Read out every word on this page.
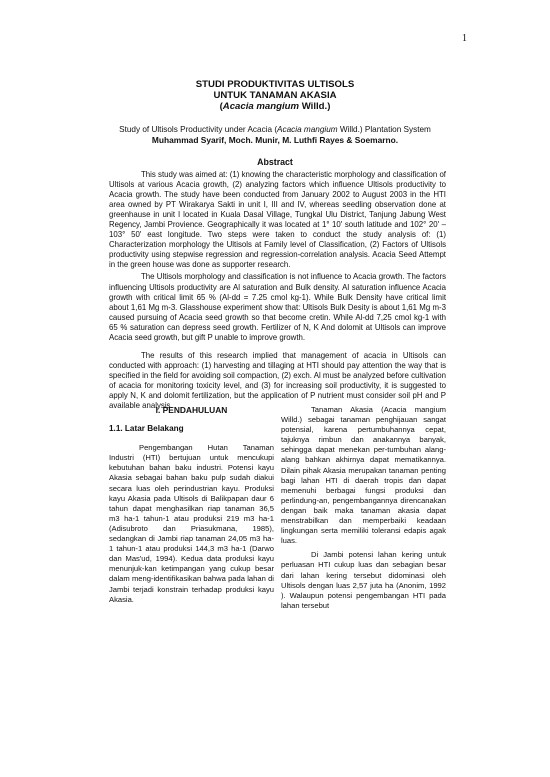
1
STUDI PRODUKTIVITAS ULTISOLS
UNTUK TANAMAN AKASIA
(Acacia mangium Willd.)
Study of Ultisols Productivity under Acacia (Acacia mangium Willd.) Plantation System
Muhammad Syarif, Moch. Munir, M. Luthfi Rayes & Soemarno.
Abstract

This study was aimed at: (1) knowing the characteristic morphology and classification of Ultisols at various Acacia growth, (2) analyzing factors which influence Ultisols productivity to Acacia growth. The study have been conducted from January 2002 to August 2003 in the HTI area owned by PT Wirakarya Sakti in unit I, III and IV, whereas seedling observation done at greenhause in unit I located in Kuala Dasal Village, Tungkal Ulu District, Tanjung Jabung West Regency, Jambi Provience. Geographically it was located at 1° 10' south latitude and 102° 20' – 103° 50' east longitude. Two steps were taken to conduct the study analysis of: (1) Characterization morphology the Ultisols at Family level of Classification, (2) Factors of Ultisols productivity using stepwise regression and regression-correlation analysis. Acacia Seed Attempt in the green house was done as supporter research.

The Ultisols morphology and classification is not influence to Acacia growth. The factors influencing Ultisols productivity are Al saturation and Bulk density. Al saturation influence Acacia growth with critical limit 65 % (Al-dd = 7.25 cmol kg-1). While Bulk Density have critical limit about 1,61 Mg m-3. Glasshouse experiment show that: Ultisols Bulk Desity is about 1,61 Mg m-3 caused pursuing of Acacia seed growth so that become cretin. While Al-dd 7,25 cmol kg-1 with 65 % saturation can depress seed growth. Fertilizer of N, K And dolomit at Ultisols can improve Acacia seed growth, but gift P unable to improve growth.

The results of this research implied that management of acacia in Ultisols can conducted with approach: (1) harvesting and tillaging at HTI should pay attention the way that is specified in the field for avoiding soil compaction, (2) exch. Al must be analyzed before cultivation of acacia for monitoring toxicity level, and (3) for increasing soil productivity, it is suggested to apply N, K and dolomit fertilization, but the application of P nutrient must consider soil pH and P available analysis.

I. PENDAHULUAN
1.1. Latar Belakang

Pengembangan Hutan Tanaman Industri (HTI) bertujuan untuk mencukupi kebutuhan bahan baku industri. Potensi kayu Akasia sebagai bahan baku pulp sudah diakui secara luas oleh perindustrian kayu. Produksi kayu Akasia pada Ultisols di Balikpapan daur 6 tahun dapat menghasilkan riap tanaman 36,5 m3 ha-1 tahun-1 atau produksi 219 m3 ha-1 (Adisubroto dan Priasukmana, 1985), sedangkan di Jambi riap tanaman 24,05 m3 ha-1 tahun-1 atau produksi 144,3 m3 ha-1 (Darwo dan Mas'ud, 1994). Kedua data produksi kayu menunjuk-kan ketimpangan yang cukup besar dalam meng-identifikasikan bahwa pada lahan di Jambi terjadi konstrain terhadap produksi kayu Akasia.

Tanaman Akasia (Acacia mangium Willd.) sebagai tanaman penghijauan sangat potensial, karena pertumbuhannya cepat, tajuknya rimbun dan anakannya banyak, sehingga dapat menekan per-tumbuhan alang-alang bahkan akhirnya dapat mematikannya. Dilain pihak Akasia merupakan tanaman penting bagi lahan HTI di daerah tropis dan dapat memenuhi berbagai fungsi produksi dan perlindung-an, pengembangannya direncanakan dengan baik maka tanaman akasia dapat menstrabilkan dan memperbaiki keadaan lingkungan serta memiliki toleransi edapis agak luas.

Di Jambi potensi lahan kering untuk perluasan HTI cukup luas dan sebagian besar dari lahan kering tersebut didominasi oleh Ultisols dengan luas 2,57 juta ha (Anonim, 1992 ). Walaupun potensi pengembangan HTI pada lahan tersebut
